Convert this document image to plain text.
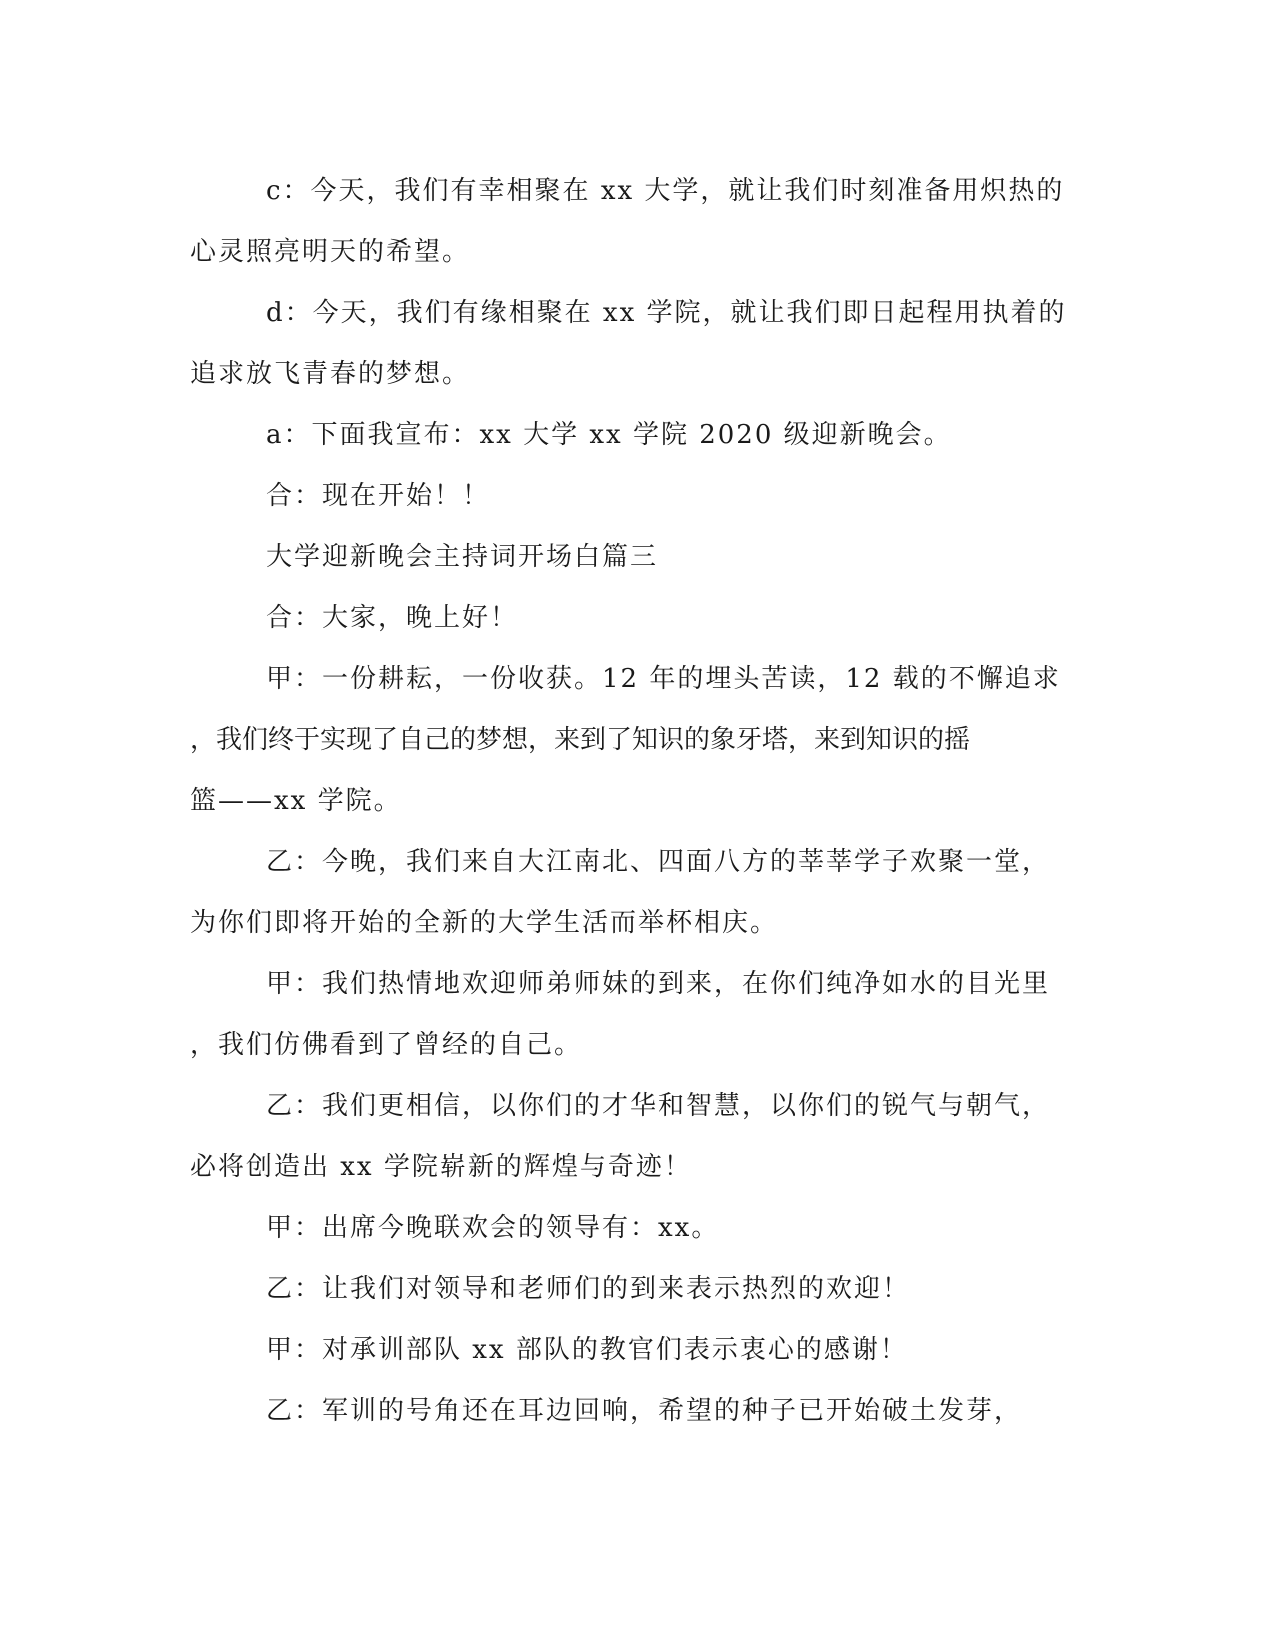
c：今天，我们有幸相聚在 xx 大学，就让我们时刻准备用炽热的
心灵照亮明天的希望。
d：今天，我们有缘相聚在 xx 学院，就让我们即日起程用执着的
追求放飞青春的梦想。
a：下面我宣布：xx 大学 xx 学院 2020 级迎新晚会。
合：现在开始！！
大学迎新晚会主持词开场白篇三
合：大家，晚上好！
甲：一份耕耘，一份收获。12 年的埋头苦读，12 载的不懈追求
，我们终于实现了自己的梦想，来到了知识的象牙塔，来到知识的摇
篮——xx 学院。
乙：今晚，我们来自大江南北、四面八方的莘莘学子欢聚一堂，
为你们即将开始的全新的大学生活而举杯相庆。
甲：我们热情地欢迎师弟师妹的到来，在你们纯净如水的目光里
，我们仿佛看到了曾经的自己。
乙：我们更相信，以你们的才华和智慧，以你们的锐气与朝气，
必将创造出 xx 学院崭新的辉煌与奇迹！
甲：出席今晚联欢会的领导有：xx。
乙：让我们对领导和老师们的到来表示热烈的欢迎！
甲：对承训部队 xx 部队的教官们表示衷心的感谢！
乙：军训的号角还在耳边回响，希望的种子已开始破土发芽，
